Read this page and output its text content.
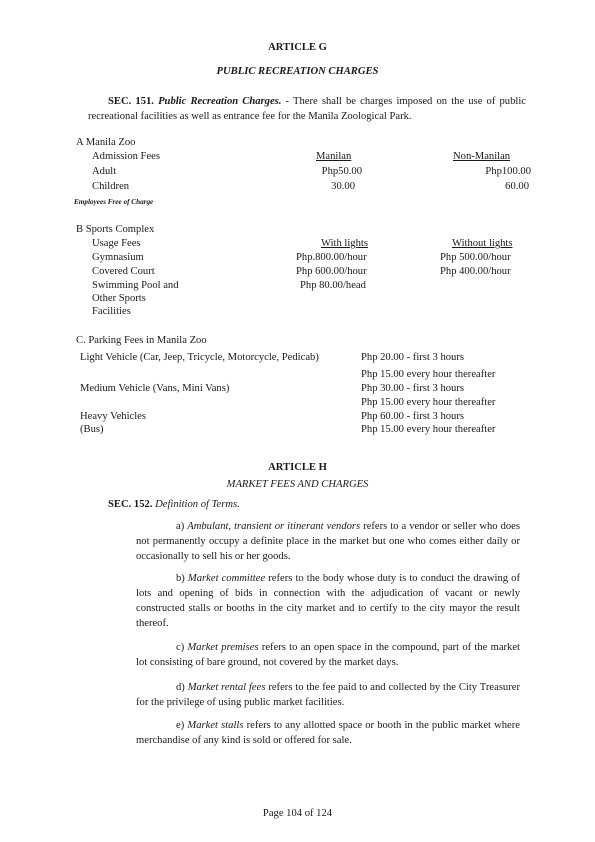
ARTICLE G
PUBLIC RECREATION CHARGES
SEC. 151. Public Recreation Charges. - There shall be charges imposed on the use of public recreational facilities as well as entrance fee for the Manila Zoological Park.
A Manila Zoo
Admission Fees	Manilan	Non-Manilan
Adult	Php50.00	Php100.00
Children	30.00	60.00
Employees Free of Charge
B Sports Complex
Usage Fees	With lights	Without lights
Gymnasium	Php.800.00/hour	Php 500.00/hour
Covered Court	Php 600.00/hour	Php 400.00/hour
Swimming Pool and	Php 80.00/head
Other Sports
Facilities
C. Parking Fees in Manila Zoo
Light Vehicle (Car, Jeep, Tricycle, Motorcycle, Pedicab)	Php 20.00 - first 3 hours
Php 15.00 every hour thereafter
Medium Vehicle (Vans, Mini Vans)	Php 30.00 - first 3 hours
Php 15.00 every hour thereafter
Heavy Vehicles	Php 60.00 - first 3 hours
(Bus)	Php 15.00 every hour thereafter
ARTICLE H
MARKET FEES AND CHARGES
SEC. 152. Definition of Terms.
a) Ambulant, transient or itinerant vendors refers to a vendor or seller who does not permanently occupy a definite place in the market but one who comes either daily or occasionally to sell his or her goods.
b) Market committee refers to the body whose duty is to conduct the drawing of lots and opening of bids in connection with the adjudication of vacant or newly constructed stalls or booths in the city market and to certify to the city mayor the result thereof.
c) Market premises refers to an open space in the compound, part of the market lot consisting of bare ground, not covered by the market days.
d) Market rental fees refers to the fee paid to and collected by the City Treasurer for the privilege of using public market facilities.
e) Market stalls refers to any allotted space or booth in the public market where merchandise of any kind is sold or offered for sale.
Page 104 of 124
